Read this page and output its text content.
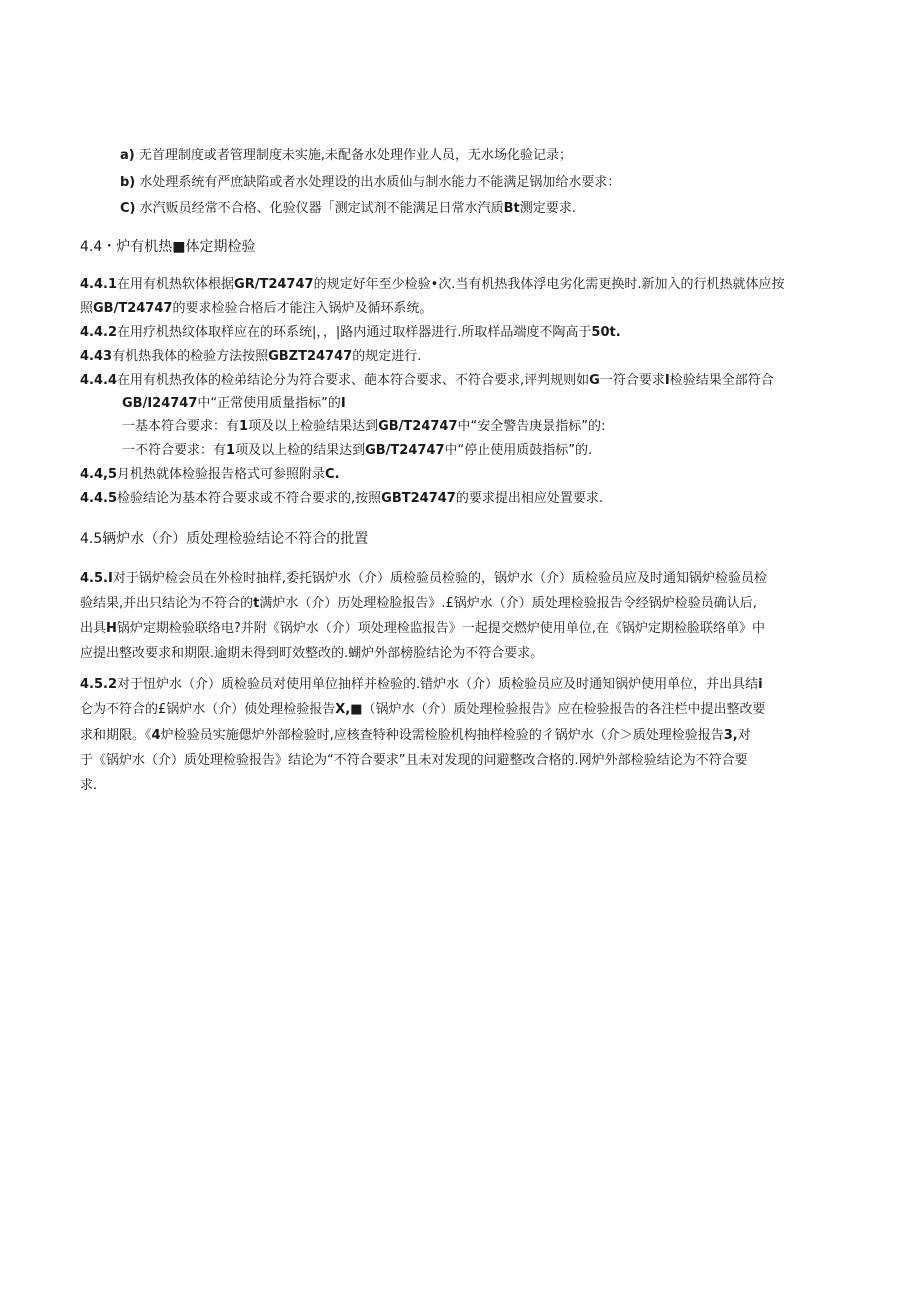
a) 无首理制度或者管理制度未实施,未配备水处理作业人员，无水场化验记录；
b) 水处理系统有严庶缺陷或者水处理设的出水质仙与制水能力不能满足锅加给水要求：
C) 水汽贩员经常不合格、化验仪器「测定试剂不能满足日常水汽质Bt测定要求.
4.4・炉有机热■体定期检验
4.4.1在用有机热软体根据GR/T24747的规定好年至少检验•次.当有机热我体浮电劣化需更换时.新加入的行机热就体应按
照GB/T24747的要求检验合格后才能注入锅炉及循环系统。
4.4.2在用疗机热纹体取样应在的环系统|，，|路内通过取样器进行.所取样品端度不陶高于50t.
4.43有机热我体的检验方法按照GBZT24747的规定进行.
4.4.4在用有机热孜体的检弟结论分为符合要求、葩本符合要求、不符合要求,评判规则如G一符合要求I检验结果全部符合
GB/I24747中“正常使用质量指标”的I
一基本符合要求：有1项及以上检验结果达到GB/T24747中“安全警告庚景指标”的:
一不符合要求：有1项及以上检的结果达到GB/T24747中“停止使用质鼓指标”的.
4.4,5月机热就体检验报告格式可参照附录C.
4.4.5检验结论为基本符合要求或不符合要求的,按照GBT24747的要求提出相应处置要求.
4.5辆炉水（介）质处理检验结论不符合的批置
4.5.I对于锅炉检会员在外检时抽样,委托锅炉水（介）质检验员检验的，锅炉水（介）质检验员应及时通知锅炉检验员检
验结果,并出只结论为不符合的t满炉水（介）历处理检脸报告》.£锅炉水（介）质处理检验报告令经锅炉检验员确认后,
出具H锅炉定期检验联络电?并附《锅炉水（介）项处理检监报告》一起提交燃炉使用单位,在《锅炉定期检脸联络单》中
应提出整改要求和期限.逾期未得到町效整改的.蝴炉外部榜脸结论为不符合要求。
4.5.2对于忸炉水（介）质检验员对使用单位抽样并检验的.错炉水（介）质检验员应及时通知锅炉使用单位，并出具结i
仑为不符合的£锅炉水（介）侦处理检验报告X,■（锅炉水（介）质处理检验报告》应在检验报告的各注栏中提出整改要
求和期限。《4炉检验员实施偲炉外部检验时,应核查特种设需检脸机构抽样检验的彳锅炉水（介＞质处理检验报告3,对
于《锅炉水（介）质处理检验报告》结论为“不符合要求”且未对发现的问避整改合格的.网炉外部检验结论为不符合要
求.
